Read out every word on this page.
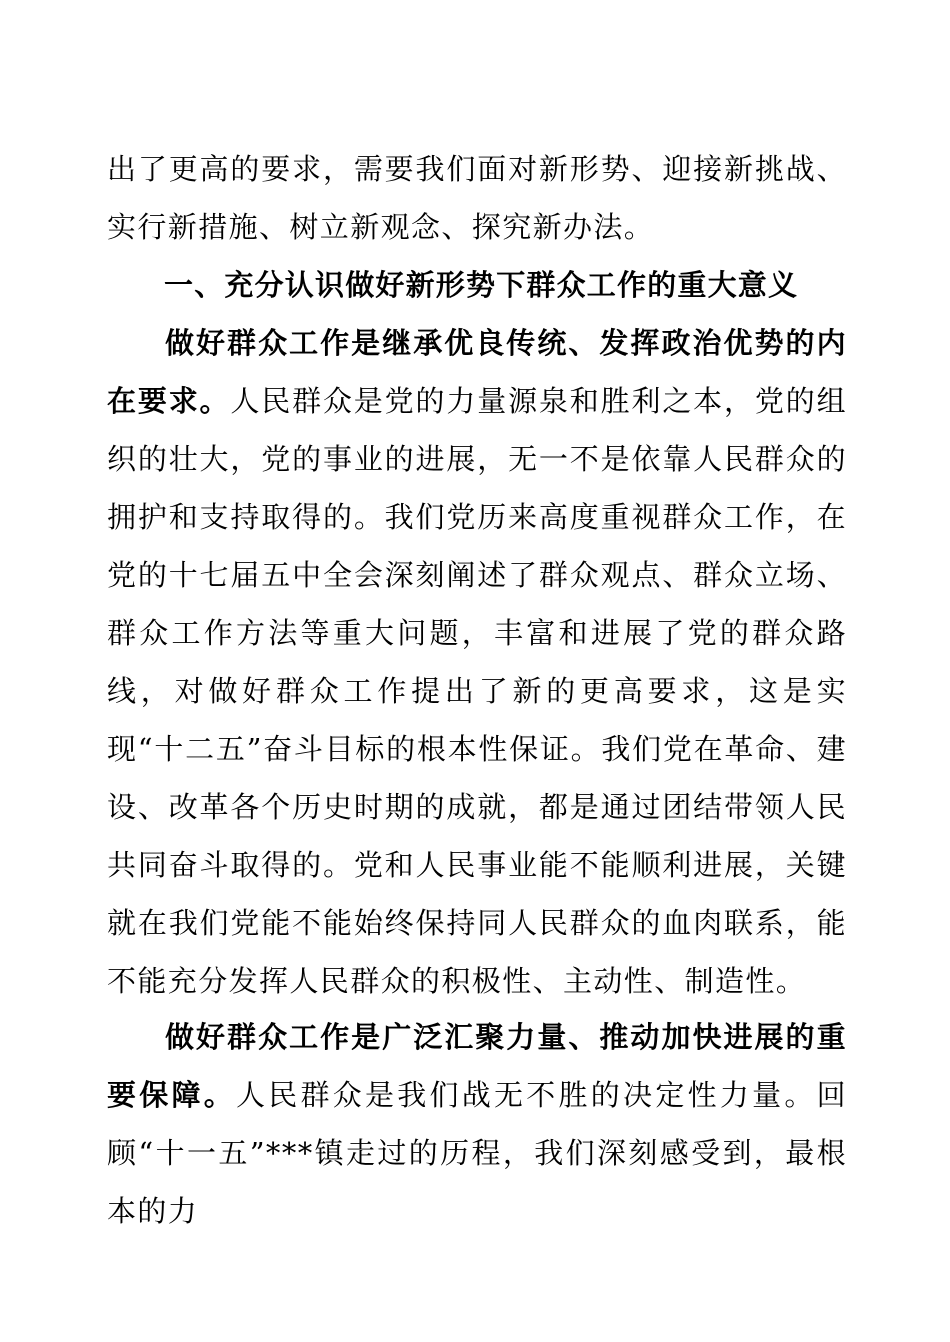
出了更高的要求，需要我们面对新形势、迎接新挑战、实行新措施、树立新观念、探究新办法。
一、充分认识做好新形势下群众工作的重大意义
做好群众工作是继承优良传统、发挥政治优势的内在要求。人民群众是党的力量源泉和胜利之本，党的组织的壮大，党的事业的进展，无一不是依靠人民群众的拥护和支持取得的。我们党历来高度重视群众工作，在党的十七届五中全会深刻阐述了群众观点、群众立场、群众工作方法等重大问题，丰富和进展了党的群众路线，对做好群众工作提出了新的更高要求，这是实现“十二五”奋斗目标的根本性保证。我们党在革命、建设、改革各个历史时期的成就，都是通过团结带领人民共同奋斗取得的。党和人民事业能不能顺利进展，关键就在我们党能不能始终保持同人民群众的血肉联系，能不能充分发挥人民群众的积极性、主动性、制造性。
做好群众工作是广泛汇聚力量、推动加快进展的重要保障。人民群众是我们战无不胜的决定性力量。回顾“十一五”***镇走过的历程，我们深刻感受到，最根本的力
